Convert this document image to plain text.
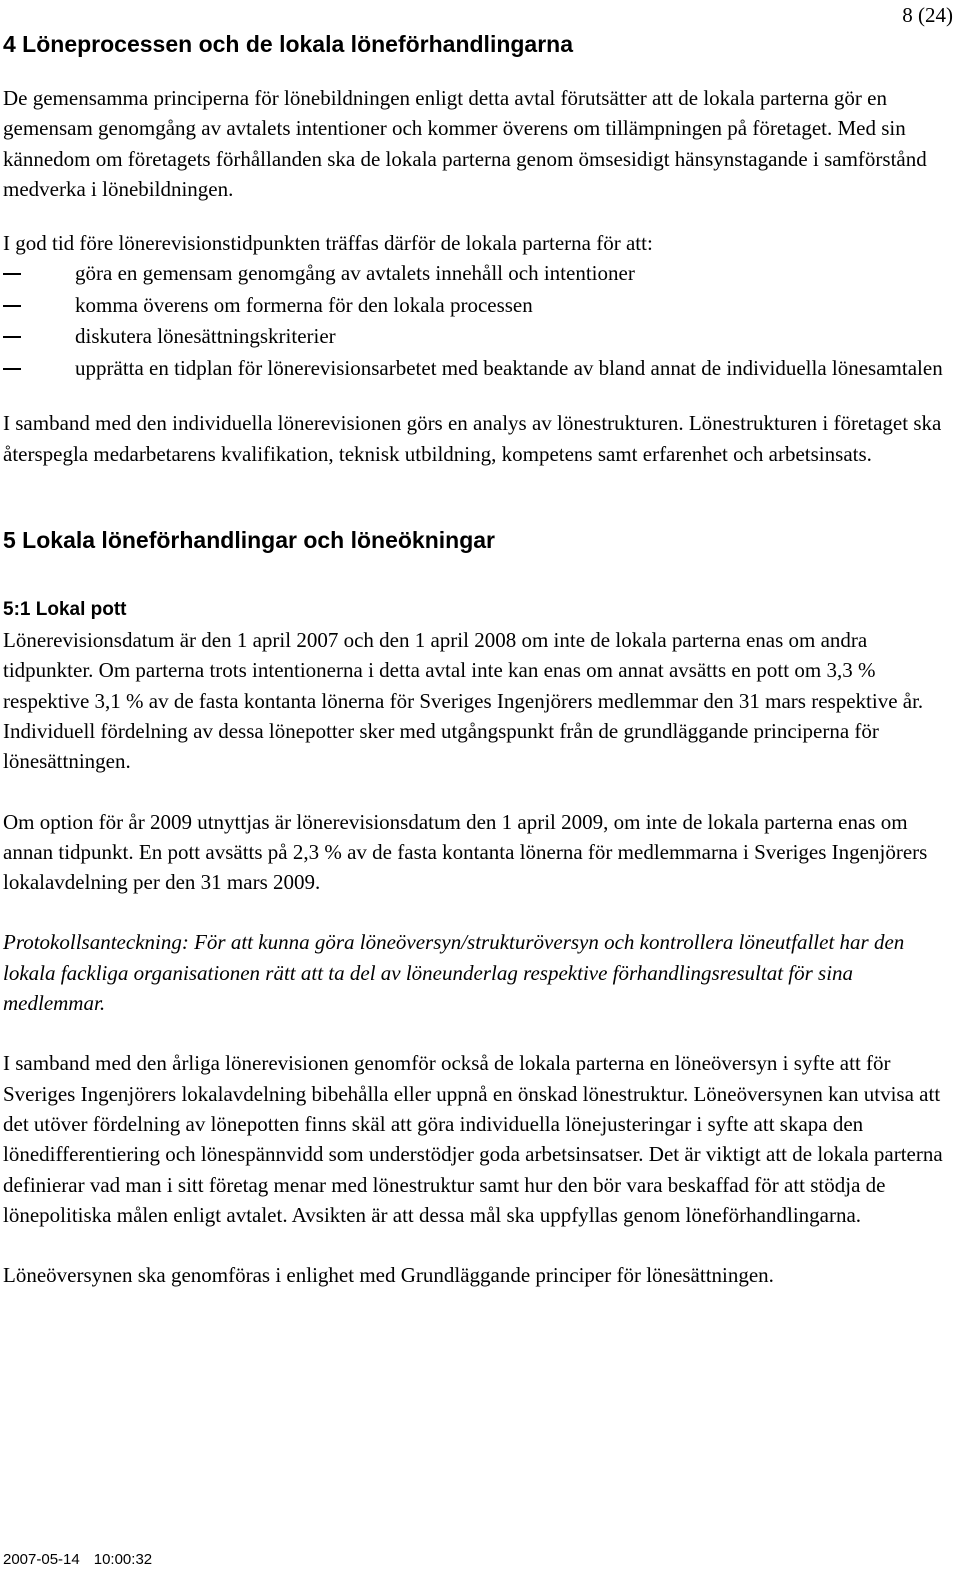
8 (24)
4 Löneprocessen och de lokala löneförhandlingarna

De gemensamma principerna för lönebildningen enligt detta avtal förutsätter att de lokala parterna gör en gemensam genomgång av avtalets intentioner och kommer överens om tillämpningen på företaget. Med sin kännedom om företagets förhållanden ska de lokala parterna genom ömsesidigt hänsynstagande i samförstånd medverka i lönebildningen.

I god tid före lönerevisionstidpunkten träffas därför de lokala parterna för att:

göra en gemensam genomgång av avtalets innehåll och intentioner
komma överens om formerna för den lokala processen
diskutera lönesättningskriterier
upprätta en tidplan för lönerevisionsarbetet med beaktande av bland annat de individuella lönesamtalen

I samband med den individuella lönerevisionen görs en analys av lönestrukturen. Lönestrukturen i företaget ska återspegla medarbetarens kvalifikation, teknisk utbildning, kompetens samt erfarenhet och arbetsinsats.

5 Lokala löneförhandlingar och löneökningar
5:1 Lokal pott

Lönerevisionsdatum är den 1 april 2007 och den 1 april 2008 om inte de lokala parterna enas om andra tidpunkter. Om parterna trots intentionerna i detta avtal inte kan enas om annat avsätts en pott om 3,3 % respektive 3,1 % av de fasta kontanta lönerna för Sveriges Ingenjörers medlemmar den 31 mars respektive år. Individuell fördelning av dessa lönepotter sker med utgångspunkt från de grundläggande principerna för lönesättningen.

Om option för år 2009 utnyttjas är lönerevisionsdatum den 1 april 2009, om inte de lokala parterna enas om annan tidpunkt. En pott avsätts på 2,3 % av de fasta kontanta lönerna för medlemmarna i Sveriges Ingenjörers lokalavdelning per den 31 mars 2009.

Protokollsanteckning: För att kunna göra löneöversyn/strukturöversyn och kontrollera löneutfallet har den lokala fackliga organisationen rätt att ta del av löneunderlag respektive förhandlingsresultat för sina medlemmar.

I samband med den årliga lönerevisionen genomför också de lokala parterna en löneöversyn i syfte att för Sveriges Ingenjörers lokalavdelning bibehålla eller uppnå en önskad lönestruktur. Löneöversynen kan utvisa att det utöver fördelning av lönepotten finns skäl att göra individuella lönejusteringar i syfte att skapa den lönedifferentiering och lönespännvidd som understödjer goda arbetsinsatser. Det är viktigt att de lokala parterna definierar vad man i sitt företag menar med lönestruktur samt hur den bör vara beskaffad för att stödja de lönepolitiska målen enligt avtalet. Avsikten är att dessa mål ska uppfyllas genom löneförhandlingarna.

Löneöversynen ska genomföras i enlighet med Grundläggande principer för lönesättningen.

2007-05-14 10:00:32
